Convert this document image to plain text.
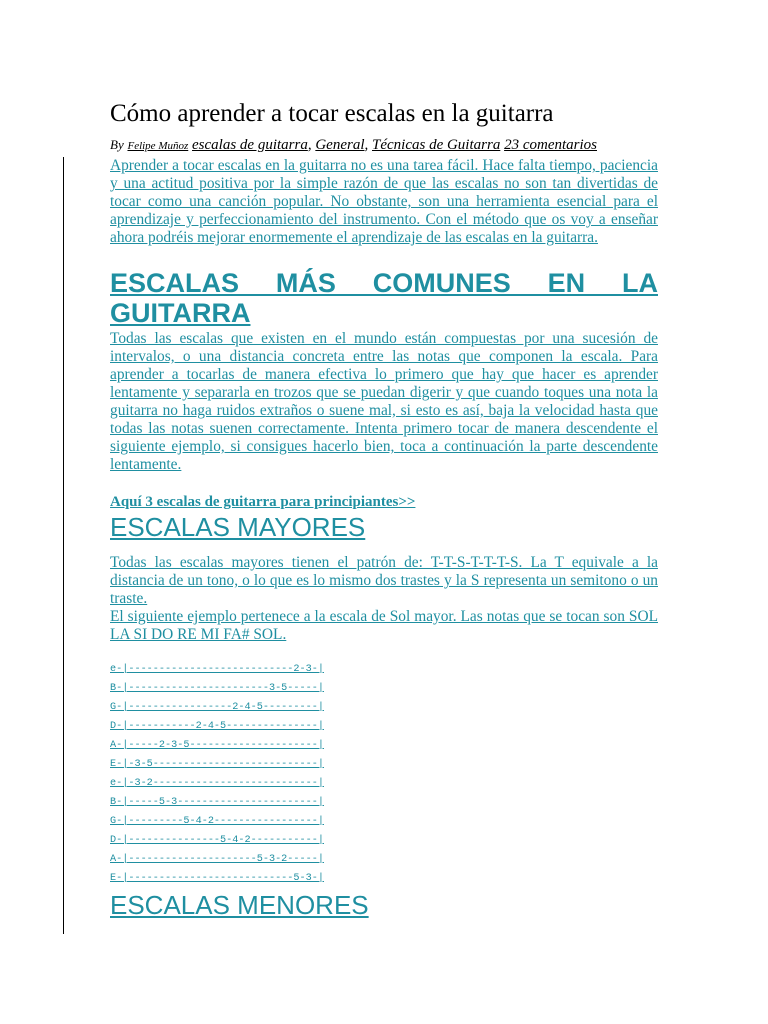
Cómo aprender a tocar escalas en la guitarra
By Felipe Muñoz escalas de guitarra, General, Técnicas de Guitarra 23 comentarios

Aprender a tocar escalas en la guitarra no es una tarea fácil. Hace falta tiempo, paciencia y una actitud positiva por la simple razón de que las escalas no son tan divertidas de tocar como una canción popular. No obstante, son una herramienta esencial para el aprendizaje y perfeccionamiento del instrumento. Con el método que os voy a enseñar ahora podréis mejorar enormemente el aprendizaje de las escalas en la guitarra.

ESCALAS MÁS COMUNES EN LA
GUITARRA

Todas las escalas que existen en el mundo están compuestas por una sucesión de intervalos, o una distancia concreta entre las notas que componen la escala. Para aprender a tocarlas de manera efectiva lo primero que hay que hacer es aprender lentamente y separarla en trozos que se puedan digerir y que cuando toques una nota la guitarra no haga ruidos extraños o suene mal, si esto es así, baja la velocidad hasta que todas las notas suenen correctamente. Intenta primero tocar de manera descendente el siguiente ejemplo, si consigues hacerlo bien, toca a continuación la parte descendente lentamente.

Aquí 3 escalas de guitarra para principiantes>>
ESCALAS MAYORES

Todas las escalas mayores tienen el patrón de: T-T-S-T-T-T-S. La T equivale a la distancia de un tono, o lo que es lo mismo dos trastes y la S representa un semitono o un traste.

El siguiente ejemplo pertenece a la escala de Sol mayor. Las notas que se tocan son SOL LA SI DO RE MI FA# SOL.

e-|---------------------------2-3-|
B-|-----------------------3-5-----|
G-|-----------------2-4-5---------|
D-|-----------2-4-5---------------|
A-|-----2-3-5---------------------|
E-|-3-5---------------------------|
e-|-3-2---------------------------|
B-|-----5-3-----------------------|
G-|---------5-4-2-----------------|
D-|---------------5-4-2-----------|
A-|---------------------5-3-2-----|
E-|---------------------------5-3-|
ESCALAS MENORES
